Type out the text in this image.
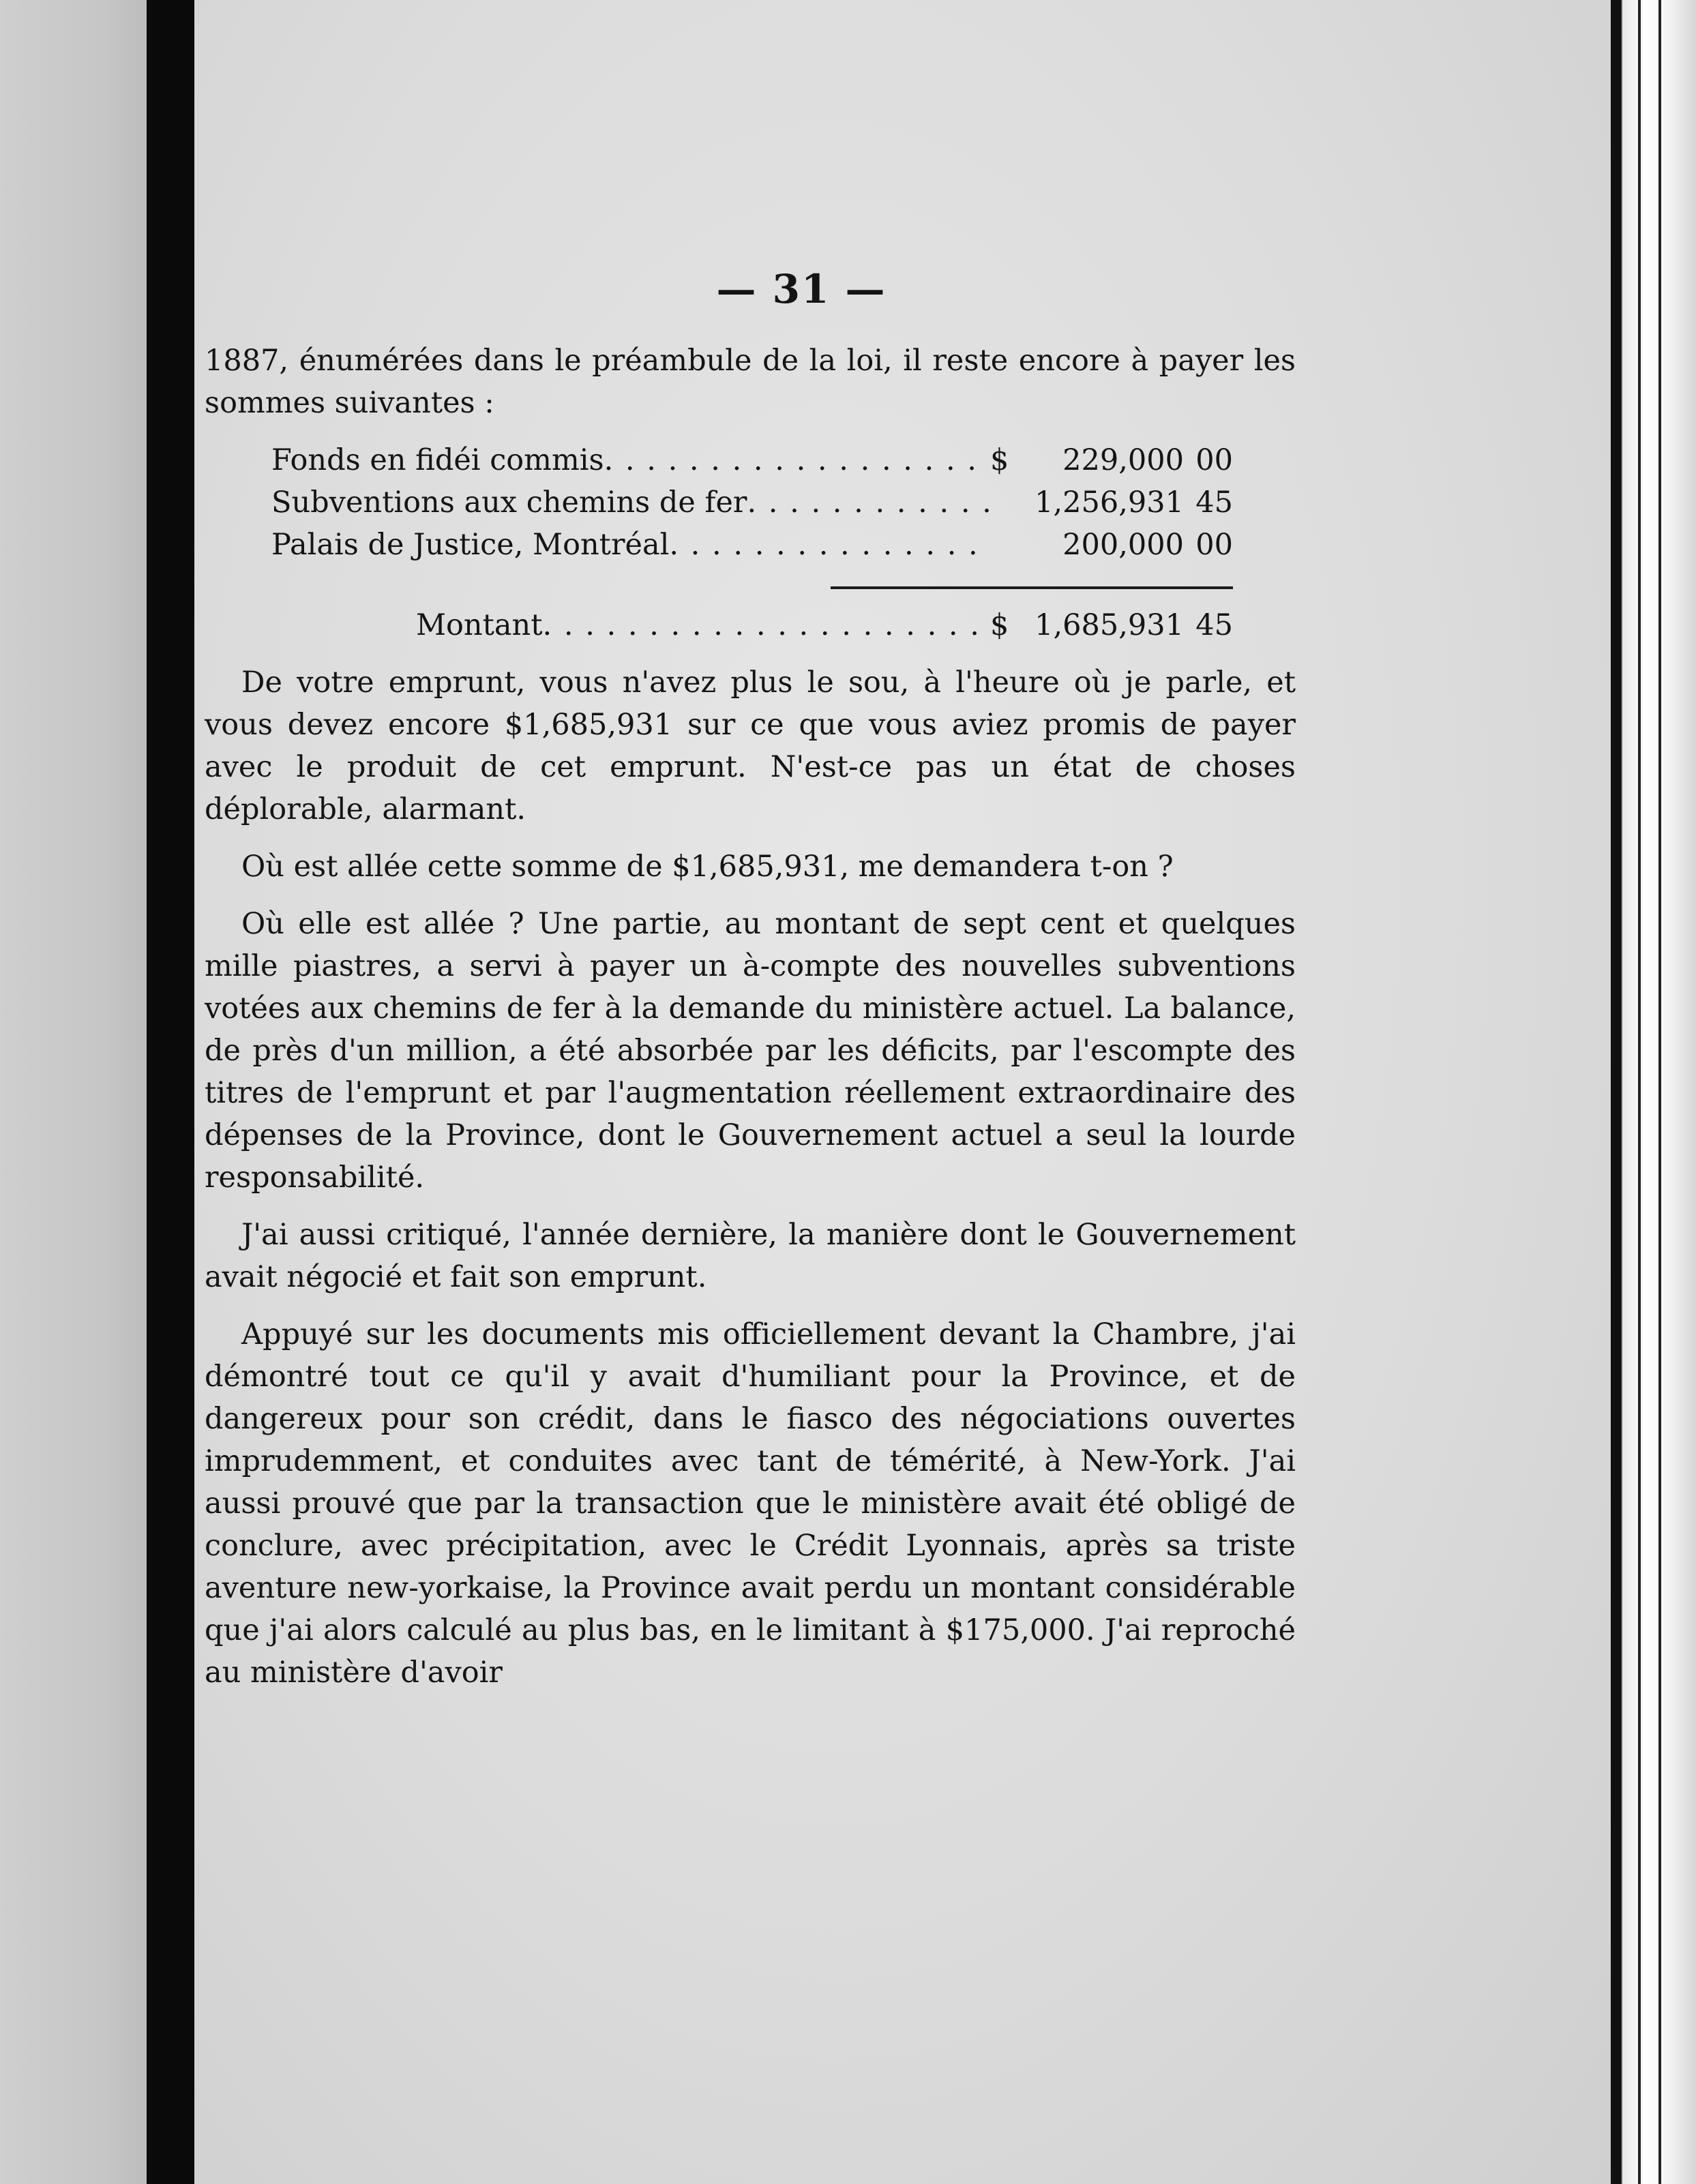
— 31 —

1887, énumérées dans le préambule de la loi, il reste encore à payer les sommes suivantes :

Fonds en fidéi commis . . .	$	229,000 00
Subventions aux chemins de fer . . .	1,256,931 45
Palais de Justice, Montréal . . .	200,000 00
Montant . . .	$ 1,685,931 45

De votre emprunt, vous n'avez plus le sou, à l'heure où je parle, et vous devez encore $1,685,931 sur ce que vous aviez promis de payer avec le produit de cet emprunt. N'est-ce pas un état de choses déplorable, alarmant.

Où est allée cette somme de $1,685,931, me demandera t-on ?

Où elle est allée ? Une partie, au montant de sept cent et quelques mille piastres, a servi à payer un à-compte des nouvelles subventions votées aux chemins de fer à la demande du ministère actuel. La balance, de près d'un million, a été absorbée par les déficits, par l'escompte des titres de l'emprunt et par l'augmentation réellement extraordinaire des dépenses de la Province, dont le Gouvernement actuel a seul la lourde responsabilité.

J'ai aussi critiqué, l'année dernière, la manière dont le Gouvernement avait négocié et fait son emprunt.

Appuyé sur les documents mis officiellement devant la Chambre, j'ai démontré tout ce qu'il y avait d'humiliant pour la Province, et de dangereux pour son crédit, dans le fiasco des négociations ouvertes imprudemment, et conduites avec tant de témérité, à New-York. J'ai aussi prouvé que par la transaction que le ministère avait été obligé de conclure, avec précipitation, avec le Crédit Lyonnais, après sa triste aventure new-yorkaise, la Province avait perdu un montant considérable que j'ai alors calculé au plus bas, en le limitant à $175,000. J'ai reproché au ministère d'avoir
